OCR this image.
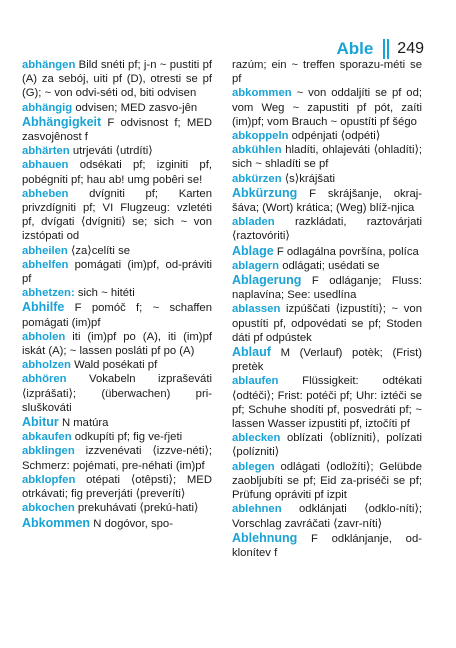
Able 249
abhängen Bild snéti pf; j-n ~ pustiti pf (A) za sebój, uiti pf (D), otresti se pf (G); ~ von odvi-séti od, biti odvisen
abhängig odvisen; MED zasvo-jên
Abhängigkeit F odvisnost f; MED zasvojênost f
abhärten utrjeváti ⟨utrdíti⟩
abhauen odsékati pf; izginiti pf, pobégniti pf; hau ab! umg pobêri se!
abheben dvígniti pf; Karten privzdígniti pf; VI Flugzeug: vzletéti pf, dvígati ⟨dvígniti⟩ se; sich ~ von izstópati od
abheilen ⟨za⟩celíti se
abhelfen pomágati (im)pf, od-práviti pf
abhetzen: sich ~ hitéti
Abhilfe F pomóč f; ~ schaffen pomágati (im)pf
abholen iti (im)pf po (A), iti (im)pf iskát (A); ~ lassen posláti pf po (A)
abholzen Wald posékati pf
abhören Vokabeln izpraševáti ⟨izprášati⟩; (überwachen) pri-sluškováti
Abitur N matúra
abkaufen odkupíti pf; fig ve-ŕjeti
abklingen izzvenévati ⟨izzve-néti⟩; Schmerz: pojémati, pre-néhati (im)pf
abklopfen otépati ⟨otêpsti⟩; MED otrkávati; fig preverjáti ⟨preveríti⟩
abkochen prekuhávati ⟨prekú-hati⟩
Abkommen N dogóvor, spo-
razúm; ein ~ treffen sporazu-méti se pf
abkommen ~ von oddaljíti se pf od; vom Weg ~ zapustiti pf pót, zaíti (im)pf; vom Brauch ~ opustíti pf šégo
abkoppeln odpénjati ⟨odpéti⟩
abkühlen hladíti, ohlajeváti ⟨ohladíti⟩; sich ~ shladíti se pf
abkürzen ⟨s⟩krájšati
Abkürzung F skrájšanje, okraj-šáva; (Wort) krática; (Weg) blíž-njica
abladen razkládati, raztovárjati ⟨raztovóriti⟩
Ablage F odlagálna površína, políca
ablagern odlágati; usédati se
Ablagerung F odláganje; Fluss: naplavína; See: usedlína
ablassen izpúščati ⟨izpustíti⟩; ~ von opustíti pf, odpovédati se pf; Stoden dáti pf odpústek
Ablauf M (Verlauf) potèk; (Frist) pretèk
ablaufen Flüssigkeit: odtékati ⟨odtéči⟩; Frist: potéči pf; Uhr: iztéči se pf; Schuhe shodíti pf, posvedráti pf; ~ lassen Wasser izpustiti pf, iztočíti pf
ablecken oblízati ⟨oblízniti⟩, polízati ⟨polízniti⟩
ablegen odlágati ⟨odložíti⟩; Gelübde zaobljubíti se pf; Eid za-priséči se pf; Prüfung opráviti pf izpit
ablehnen odklánjati ⟨odklo-níti⟩; Vorschlag zavráčati ⟨zavr-níti⟩
Ablehnung F odklánjanje, od-klonítev f
